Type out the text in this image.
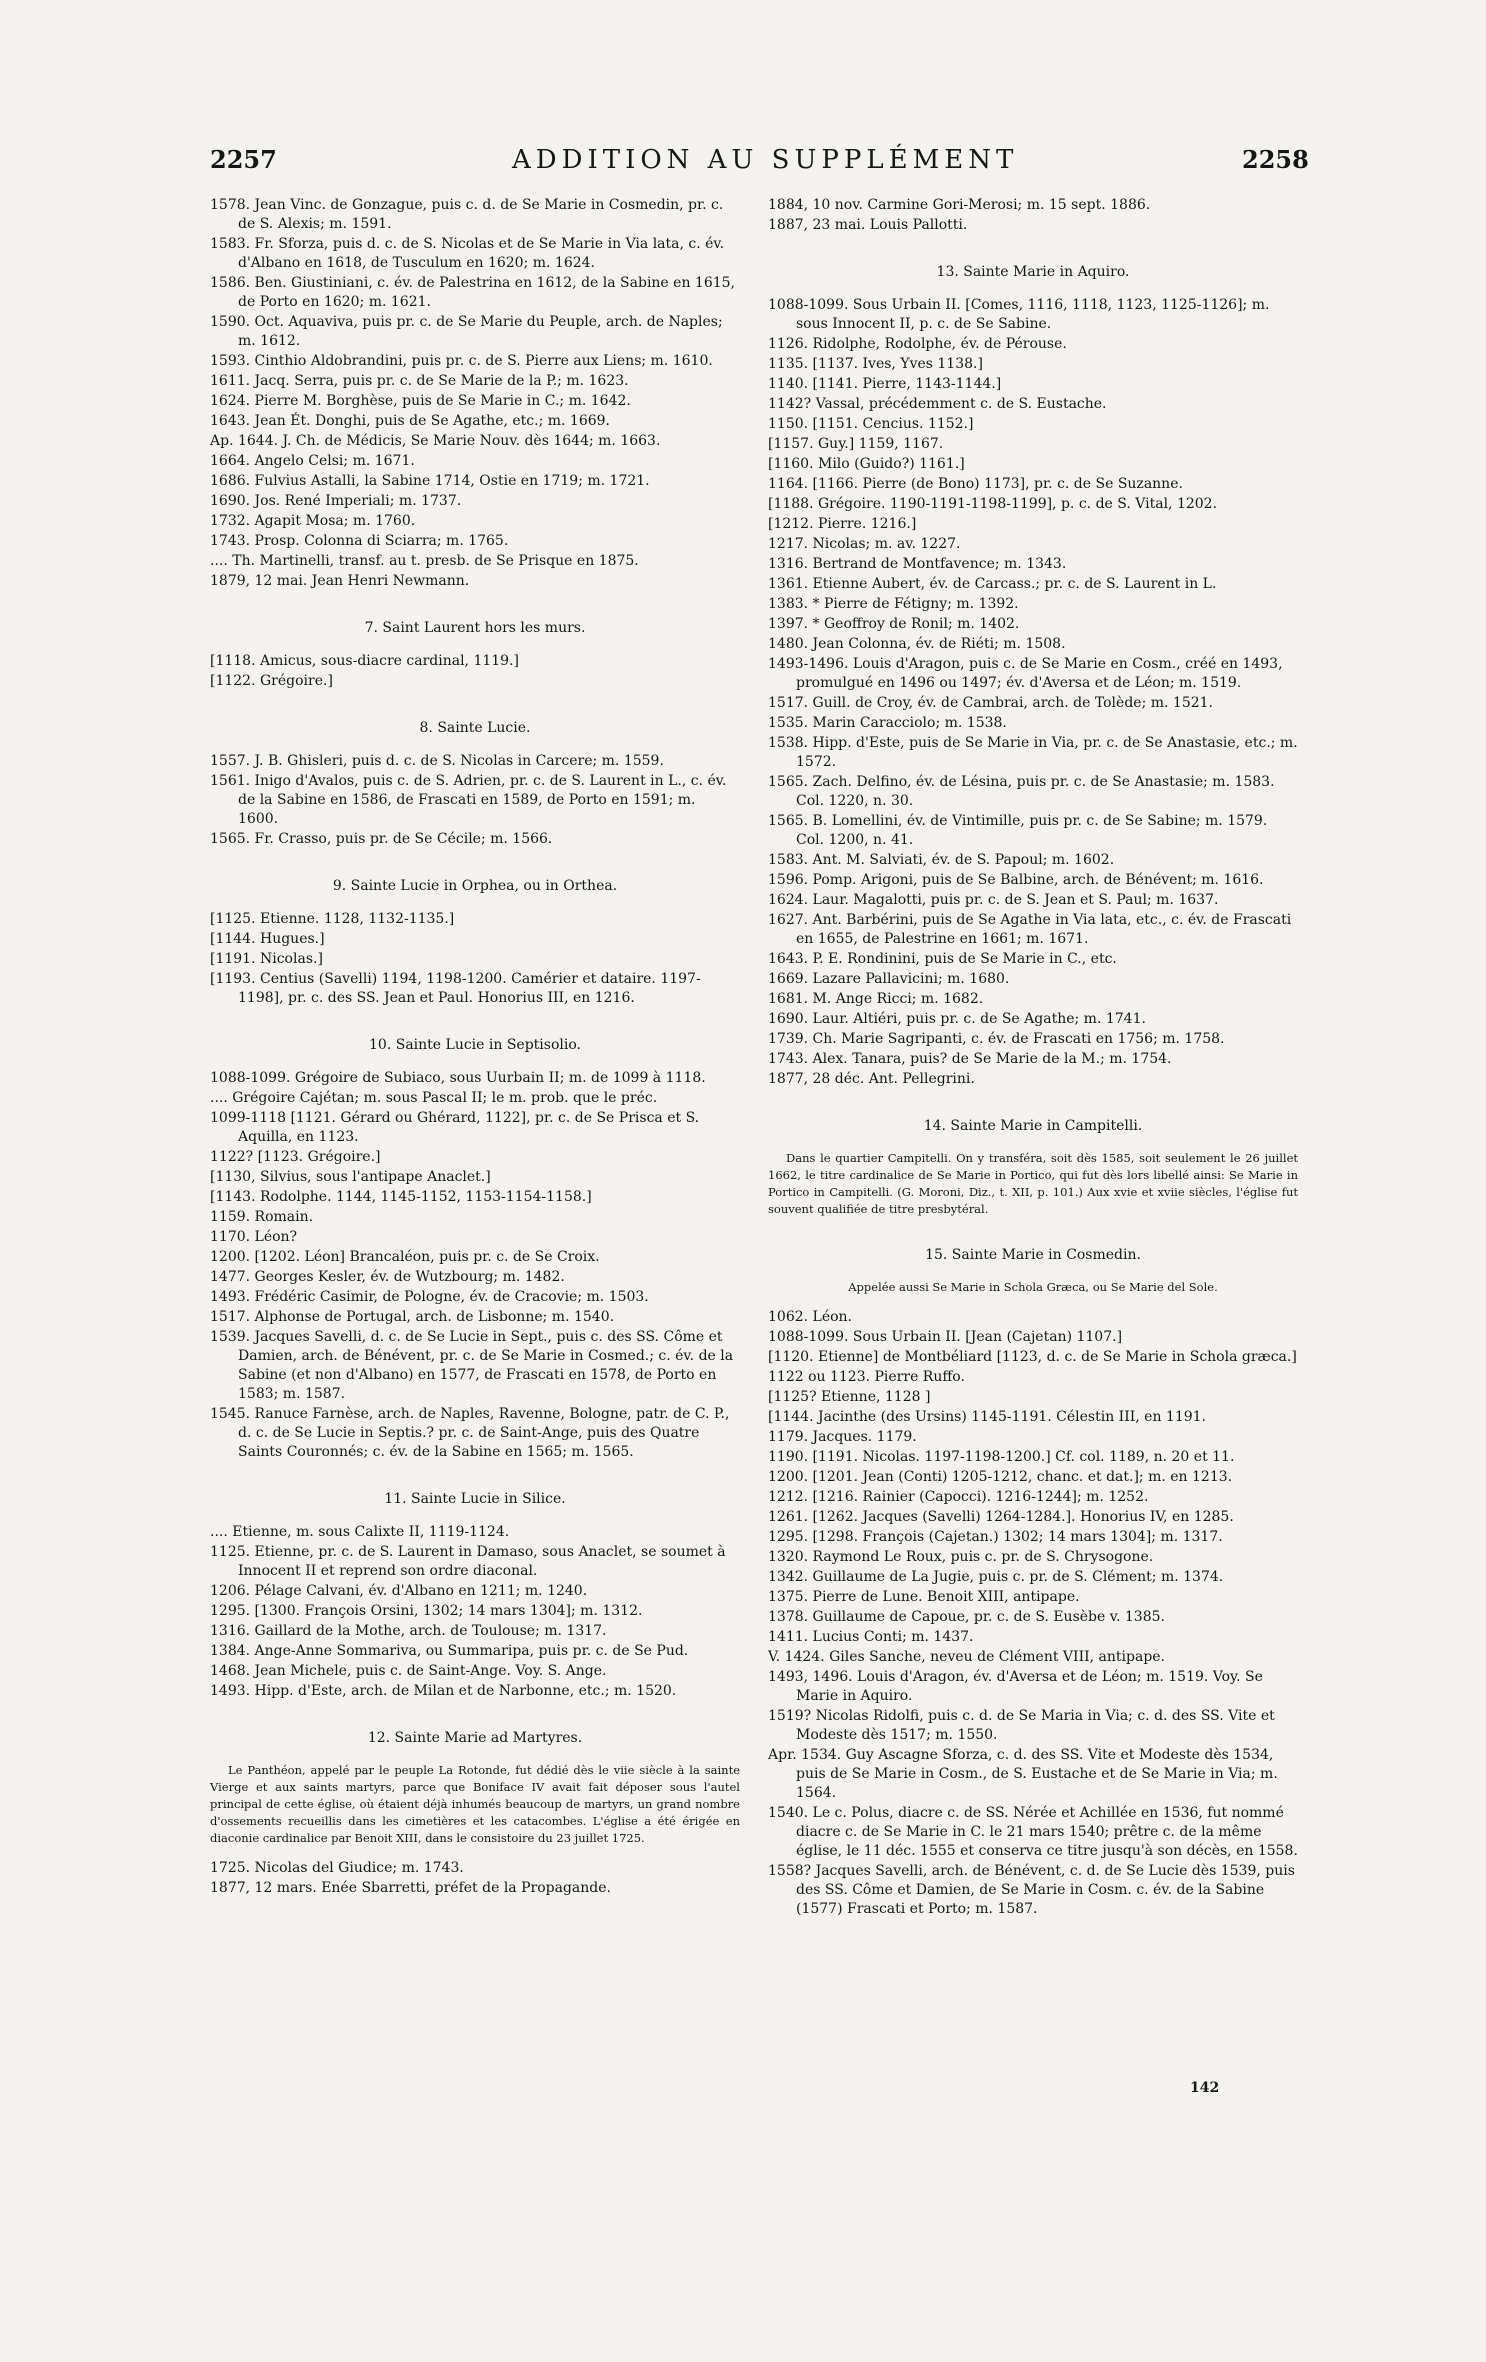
2257	ADDITION AU SUPPLÉMENT	2258
1578. Jean Vinc. de Gonzague, puis c. d. de Se Marie in Cosmedin, pr. c. de S. Alexis; m. 1591.
1583. Fr. Sforza, puis d. c. de S. Nicolas et de Se Marie in Via lata, c. év. d'Albano en 1618, de Tusculum en 1620; m. 1624.
1586. Ben. Giustiniani, c. év. de Palestrina en 1612, de la Sabine en 1615, de Porto en 1620; m. 1621.
1590. Oct. Aquaviva, puis pr. c. de Se Marie du Peuple, arch. de Naples; m. 1612.
1593. Cinthio Aldobrandini, puis pr. c. de S. Pierre aux Liens; m. 1610.
1611. Jacq. Serra, puis pr. c. de Se Marie de la P.; m. 1623.
1624. Pierre M. Borghèse, puis de Se Marie in C.; m. 1642.
1643. Jean Ét. Donghi, puis de Se Agathe, etc.; m. 1669.
Ap. 1644. J. Ch. de Médicis, Se Marie Nouv. dès 1644; m. 1663.
1664. Angelo Celsi; m. 1671.
1686. Fulvius Astalli, la Sabine 1714, Ostie en 1719; m. 1721.
1690. Jos. René Imperiali; m. 1737.
1732. Agapit Mosa; m. 1760.
1743. Prosp. Colonna di Sciarra; m. 1765.
.... Th. Martinelli, transf. au t. presb. de Se Prisque en 1875.
1879, 12 mai. Jean Henri Newmann.
7. Saint Laurent hors les murs.
[1118. Amicus, sous-diacre cardinal, 1119.]
[1122. Grégoire.]
8. Sainte Lucie.
1557. J. B. Ghisleri, puis d. c. de S. Nicolas in Carcere; m. 1559.
1561. Inigo d'Avalos, puis c. de S. Adrien, pr. c. de S. Laurent in L., c. év. de la Sabine en 1586, de Frascati en 1589, de Porto en 1591; m. 1600.
1565. Fr. Crasso, puis pr. de Se Cécile; m. 1566.
9. Sainte Lucie in Orphea, ou in Orthea.
[1125. Etienne. 1128, 1132-1135.]
[1144. Hugues.]
[1191. Nicolas.]
[1193. Centius (Savelli) 1194, 1198-1200. Camérier et dataire. 1197-1198], pr. c. des SS. Jean et Paul. Honorius III, en 1216.
10. Sainte Lucie in Septisolio.
1088-1099. Grégoire de Subiaco, sous Uurbain II; m. de 1099 à 1118.
.... Grégoire Cajétan; m. sous Pascal II; le m. prob. que le préc.
1099-1118 [1121. Gérard ou Ghérard, 1122], pr. c. de Se Prisca et S. Aquilla, en 1123.
1122? [1123. Grégoire.]
[1130, Silvius, sous l'antipape Anaclet.]
[1143. Rodolphe. 1144, 1145-1152, 1153-1154-1158.]
1159. Romain.
1170. Léon?
1200. [1202. Léon] Brancaléon, puis pr. c. de Se Croix.
1477. Georges Kesler, év. de Wutzbourg; m. 1482.
1493. Frédéric Casimir, de Pologne, év. de Cracovie; m. 1503.
1517. Alphonse de Portugal, arch. de Lisbonne; m. 1540.
1539. Jacques Savelli, d. c. de Se Lucie in Sept., puis c. des SS. Côme et Damien, arch. de Bénévent, pr. c. de Se Marie in Cosmed.; c. év. de la Sabine (et non d'Albano) en 1577, de Frascati en 1578, de Porto en 1583; m. 1587.
1545. Ranuce Farnèse, arch. de Naples, Ravenne, Bologne, patr. de C. P., d. c. de Se Lucie in Septis.? pr. c. de Saint-Ange, puis des Quatre Saints Couronnés; c. év. de la Sabine en 1565; m. 1565.
11. Sainte Lucie in Silice.
.... Etienne, m. sous Calixte II, 1119-1124.
1125. Etienne, pr. c. de S. Laurent in Damaso, sous Anaclet, se soumet à Innocent II et reprend son ordre diaconal.
1206. Pélage Calvani, év. d'Albano en 1211; m. 1240.
1295. [1300. François Orsini, 1302; 14 mars 1304]; m. 1312.
1316. Gaillard de la Mothe, arch. de Toulouse; m. 1317.
1384. Ange-Anne Sommariva, ou Summaripa, puis pr. c. de Se Pud.
1468. Jean Michele, puis c. de Saint-Ange. Voy. S. Ange.
1493. Hipp. d'Este, arch. de Milan et de Narbonne, etc.; m. 1520.
12. Sainte Marie ad Martyres.
Le Panthéon, appelé par le peuple La Rotonde, fut dédié dès le viie siècle à la sainte Vierge et aux saints martyrs, parce que Boniface IV avait fait déposer sous l'autel principal de cette église, où étaient déjà inhumés beaucoup de martyrs, un grand nombre d'ossements recueillis dans les cimetières et les catacombes. L'église a été érigée en diaconie cardinalice par Benoit XIII, dans le consistoire du 23 juillet 1725.
1725. Nicolas del Giudice; m. 1743.
1877, 12 mars. Enée Sbarretti, préfet de la Propagande.
1884, 10 nov. Carmine Gori-Merosi; m. 15 sept. 1886.
1887, 23 mai. Louis Pallotti.
13. Sainte Marie in Aquiro.
1088-1099. Sous Urbain II. [Comes, 1116, 1118, 1123, 1125-1126]; m. sous Innocent II, p. c. de Se Sabine.
1126. Ridolphe, Rodolphe, év. de Pérouse.
1135. [1137. Ives, Yves 1138.]
1140. [1141. Pierre, 1143-1144.]
1142? Vassal, précédemment c. de S. Eustache.
1150. [1151. Cencius. 1152.]
[1157. Guy.] 1159, 1167.
[1160. Milo (Guido?) 1161.]
1164. [1166. Pierre (de Bono) 1173], pr. c. de Se Suzanne.
[1188. Grégoire. 1190-1191-1198-1199], p. c. de S. Vital, 1202.
[1212. Pierre. 1216.]
1217. Nicolas; m. av. 1227.
1316. Bertrand de Montfavence; m. 1343.
1361. Etienne Aubert, év. de Carcass.; pr. c. de S. Laurent in L.
1383. * Pierre de Fétigny; m. 1392.
1397. * Geoffroy de Ronil; m. 1402.
1480. Jean Colonna, év. de Riéti; m. 1508.
1493-1496. Louis d'Aragon, puis c. de Se Marie en Cosm., créé en 1493, promulgué en 1496 ou 1497; év. d'Aversa et de Léon; m. 1519.
1517. Guill. de Croy, év. de Cambrai, arch. de Tolède; m. 1521.
1535. Marin Caracciolo; m. 1538.
1538. Hipp. d'Este, puis de Se Marie in Via, pr. c. de Se Anastasie, etc.; m. 1572.
1565. Zach. Delfino, év. de Lésina, puis pr. c. de Se Anastasie; m. 1583. Col. 1220, n. 30.
1565. B. Lomellini, év. de Vintimille, puis pr. c. de Se Sabine; m. 1579. Col. 1200, n. 41.
1583. Ant. M. Salviati, év. de S. Papoul; m. 1602.
1596. Pomp. Arigoni, puis de Se Balbine, arch. de Bénévent; m. 1616.
1624. Laur. Magalotti, puis pr. c. de S. Jean et S. Paul; m. 1637.
1627. Ant. Barbérini, puis de Se Agathe in Via lata, etc., c. év. de Frascati en 1655, de Palestrine en 1661; m. 1671.
1643. P. E. Rondinini, puis de Se Marie in C., etc.
1669. Lazare Pallavicini; m. 1680.
1681. M. Ange Ricci; m. 1682.
1690. Laur. Altiéri, puis pr. c. de Se Agathe; m. 1741.
1739. Ch. Marie Sagripanti, c. év. de Frascati en 1756; m. 1758.
1743. Alex. Tanara, puis? de Se Marie de la M.; m. 1754.
1877, 28 déc. Ant. Pellegrini.
14. Sainte Marie in Campitelli.
Dans le quartier Campitelli. On y transféra, soit dès 1585, soit seulement le 26 juillet 1662, le titre cardinalice de Se Marie in Portico, qui fut dès lors libellé ainsi: Se Marie in Portico in Campitelli. (G. Moroni, Diz., t. XII, p. 101.) Aux xvie et xviie siècles, l'église fut souvent qualifiée de titre presbytéral.
15. Sainte Marie in Cosmedin.
Appelée aussi Se Marie in Schola Græca, ou Se Marie del Sole.
1062. Léon.
1088-1099. Sous Urbain II. [Jean (Cajetan) 1107.]
[1120. Etienne] de Montbéliard [1123, d. c. de Se Marie in Schola græca.]
1122 ou 1123. Pierre Ruffo.
[1125? Etienne, 1128 ]
[1144. Jacinthe (des Ursins) 1145-1191. Célestin III, en 1191.
1179. Jacques. 1179.
1190. [1191. Nicolas. 1197-1198-1200.] Cf. col. 1189, n. 20 et 11.
1200. [1201. Jean (Conti) 1205-1212, chanc. et dat.]; m. en 1213.
1212. [1216. Rainier (Capocci). 1216-1244]; m. 1252.
1261. [1262. Jacques (Savelli) 1264-1284.]. Honorius IV, en 1285.
1295. [1298. François (Cajetan.) 1302; 14 mars 1304]; m. 1317.
1320. Raymond Le Roux, puis c. pr. de S. Chrysogone.
1342. Guillaume de La Jugie, puis c. pr. de S. Clément; m. 1374.
1375. Pierre de Lune. Benoit XIII, antipape.
1378. Guillaume de Capoue, pr. c. de S. Eusèbe v. 1385.
1411. Lucius Conti; m. 1437.
V. 1424. Giles Sanche, neveu de Clément VIII, antipape.
1493, 1496. Louis d'Aragon, év. d'Aversa et de Léon; m. 1519. Voy. Se Marie in Aquiro.
1519? Nicolas Ridolfi, puis c. d. de Se Maria in Via; c. d. des SS. Vite et Modeste dès 1517; m. 1550.
Apr. 1534. Guy Ascagne Sforza, c. d. des SS. Vite et Modeste dès 1534, puis de Se Marie in Cosm., de S. Eustache et de Se Marie in Via; m. 1564.
1540. Le c. Polus, diacre c. de SS. Nérée et Achillée en 1536, fut nommé diacre c. de Se Marie in C. le 21 mars 1540; prêtre c. de la même église, le 11 déc. 1555 et conserva ce titre jusqu'à son décès, en 1558.
1558? Jacques Savelli, arch. de Bénévent, c. d. de Se Lucie dès 1539, puis des SS. Côme et Damien, de Se Marie in Cosm. c. év. de la Sabine (1577) Frascati et Porto; m. 1587.
142
